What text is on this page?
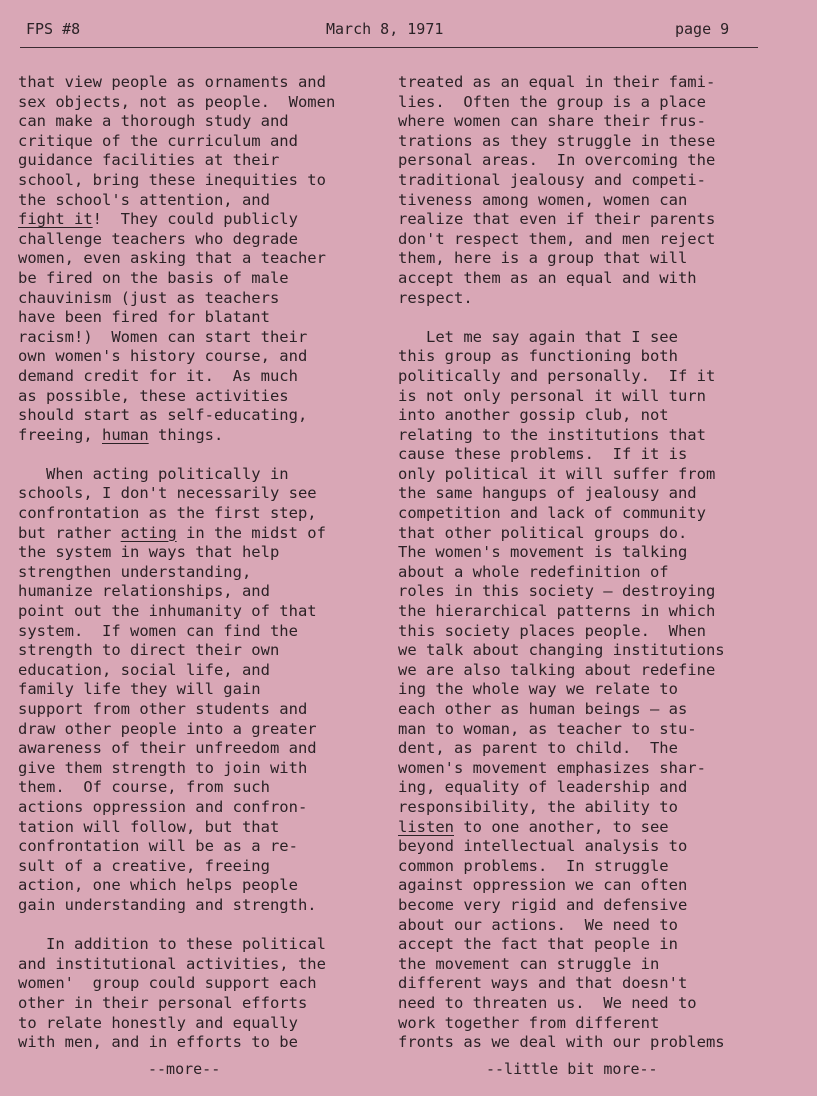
FPS #8	March 8, 1971	page 9
that view people as ornaments and
sex objects, not as people.  Women
can make a thorough study and
critique of the curriculum and
guidance facilities at their
school, bring these inequities to
the school's attention, and
fight it!  They could publicly
challenge teachers who degrade
women, even asking that a teacher
be fired on the basis of male
chauvinism (just as teachers
have been fired for blatant
racism!)  Women can start their
own women's history course, and
demand credit for it.  As much
as possible, these activities
should start as self-educating,
freeing, human things.
When acting politically in
schools, I don't necessarily see
confrontation as the first step,
but rather acting in the midst of
the system in ways that help
strengthen understanding,
humanize relationships, and
point out the inhumanity of that
system.  If women can find the
strength to direct their own
education, social life, and
family life they will gain
support from other students and
draw other people into a greater
awareness of their unfreedom and
give them strength to join with
them.  Of course, from such
actions oppression and confron-
tation will follow, but that
confrontation will be as a re-
sult of a creative, freeing
action, one which helps people
gain understanding and strength.
In addition to these political
and institutional activities, the
women'  group could support each
other in their personal efforts
to relate honestly and equally
with men, and in efforts to be
treated as an equal in their fami-
lies.  Often the group is a place
where women can share their frus-
trations as they struggle in these
personal areas.  In overcoming the
traditional jealousy and competi-
tiveness among women, women can
realize that even if their parents
don't respect them, and men reject
them, here is a group that will
accept them as an equal and with
respect.
Let me say again that I see
this group as functioning both
politically and personally.  If it
is not only personal it will turn
into another gossip club, not
relating to the institutions that
cause these problems.  If it is
only political it will suffer from
the same hangups of jealousy and
competition and lack of community
that other political groups do.
The women's movement is talking
about a whole redefinition of
roles in this society — destroying
the hierarchical patterns in which
this society places people.  When
we talk about changing institutions
we are also talking about redefine
ing the whole way we relate to
each other as human beings — as
man to woman, as teacher to stu-
dent, as parent to child.  The
women's movement emphasizes shar-
ing, equality of leadership and
responsibility, the ability to
listen to one another, to see
beyond intellectual analysis to
common problems.  In struggle
against oppression we can often
become very rigid and defensive
about our actions.  We need to
accept the fact that people in
the movement can struggle in
different ways and that doesn't
need to threaten us.  We need to
work together from different
fronts as we deal with our problems
--more--	--little bit more--
